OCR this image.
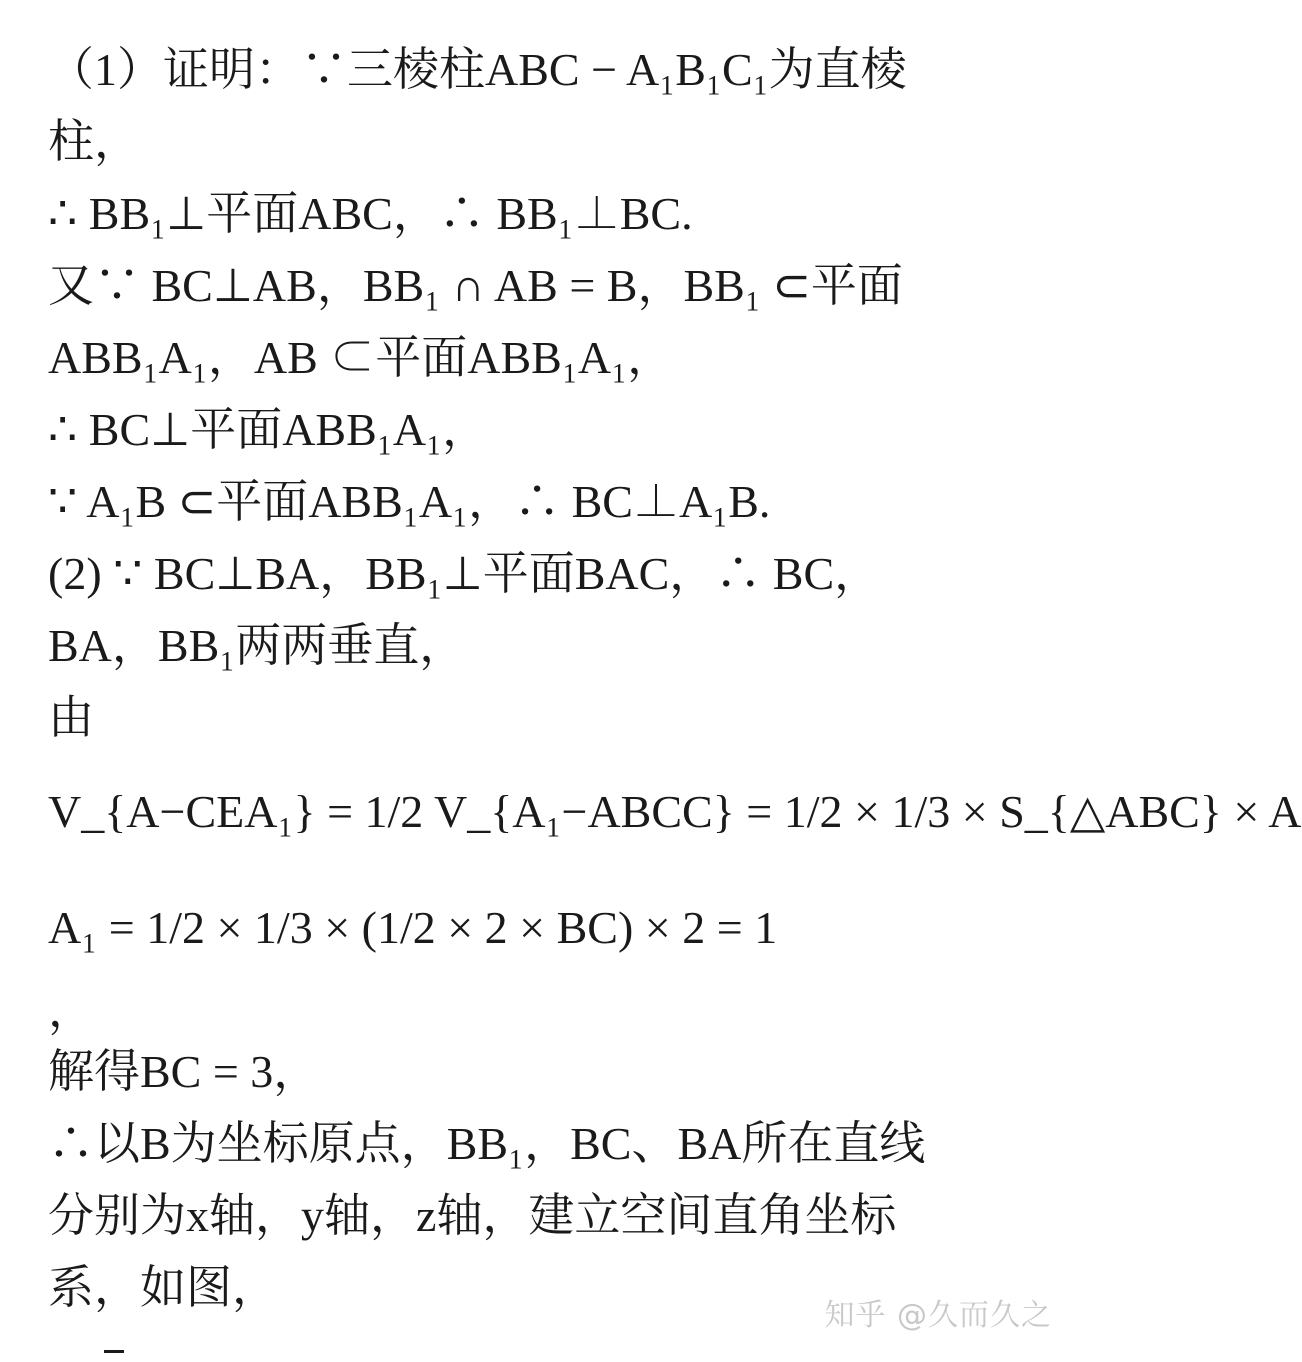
（1）证明：∵三棱柱ABC − A₁B₁C₁为直棱
柱，
∴ BB₁⊥平面ABC，∴ BB₁⊥BC.
又∵ BC⊥AB，BB₁ ∩ AB = B，BB₁ ⊂平面
ABB₁A₁，AB ⊂平面ABB₁A₁，
∴ BC⊥平面ABB₁A₁，
∵ A₁B ⊂平面ABB₁A₁，∴ BC⊥A₁B.
(2) ∵ BC⊥BA，BB₁⊥平面BAC，∴ BC，
BA，BB₁两两垂直，
由
V_{A−CEA₁} = 1/2 V_{A₁−ABCC} = 1/2 × 1/3 × S_{△ABC} × A
A₁ = 1/2 × 1/3 × (1/2 × 2 × BC) × 2 = 1
，
解得BC = 3，
∴以B为坐标原点，BB₁，BC、BA所在直线
分别为x轴，y轴，z轴，建立空间直角坐标
系，如图，
知乎 @久而久之
